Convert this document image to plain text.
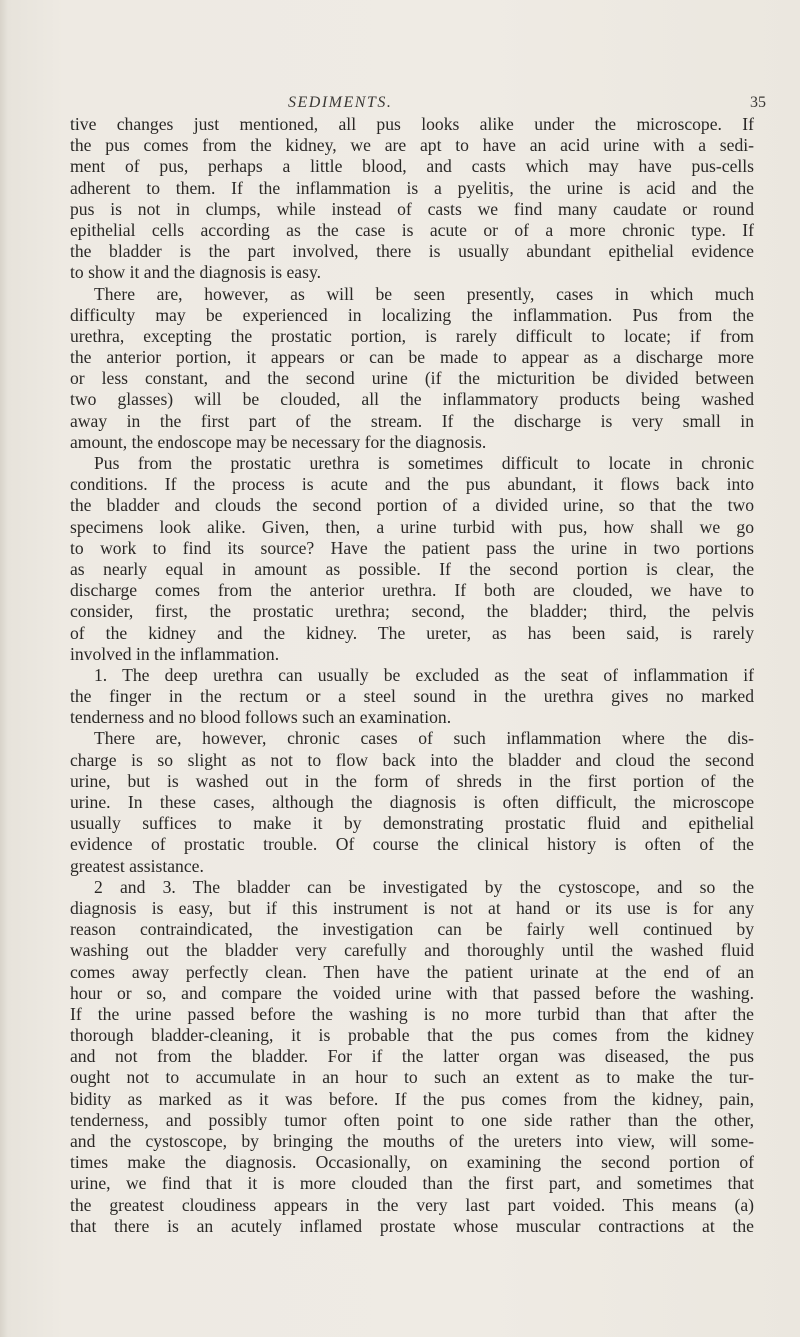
SEDIMENTS.	35
tive changes just mentioned, all pus looks alike under the microscope. If
the pus comes from the kidney, we are apt to have an acid urine with a sedi-
ment of pus, perhaps a little blood, and casts which may have pus-cells
adherent to them. If the inflammation is a pyelitis, the urine is acid and the
pus is not in clumps, while instead of casts we find many caudate or round
epithelial cells according as the case is acute or of a more chronic type. If
the bladder is the part involved, there is usually abundant epithelial evidence
to show it and the diagnosis is easy.
There are, however, as will be seen presently, cases in which much
difficulty may be experienced in localizing the inflammation. Pus from the
urethra, excepting the prostatic portion, is rarely difficult to locate; if from
the anterior portion, it appears or can be made to appear as a discharge more
or less constant, and the second urine (if the micturition be divided between
two glasses) will be clouded, all the inflammatory products being washed
away in the first part of the stream. If the discharge is very small in
amount, the endoscope may be necessary for the diagnosis.
Pus from the prostatic urethra is sometimes difficult to locate in chronic
conditions. If the process is acute and the pus abundant, it flows back into
the bladder and clouds the second portion of a divided urine, so that the two
specimens look alike. Given, then, a urine turbid with pus, how shall we go
to work to find its source? Have the patient pass the urine in two portions
as nearly equal in amount as possible. If the second portion is clear, the
discharge comes from the anterior urethra. If both are clouded, we have to
consider, first, the prostatic urethra; second, the bladder; third, the pelvis
of the kidney and the kidney. The ureter, as has been said, is rarely
involved in the inflammation.
1. The deep urethra can usually be excluded as the seat of inflammation if
the finger in the rectum or a steel sound in the urethra gives no marked
tenderness and no blood follows such an examination.
There are, however, chronic cases of such inflammation where the dis-
charge is so slight as not to flow back into the bladder and cloud the second
urine, but is washed out in the form of shreds in the first portion of the
urine. In these cases, although the diagnosis is often difficult, the microscope
usually suffices to make it by demonstrating prostatic fluid and epithelial
evidence of prostatic trouble. Of course the clinical history is often of the
greatest assistance.
2 and 3. The bladder can be investigated by the cystoscope, and so the
diagnosis is easy, but if this instrument is not at hand or its use is for any
reason contraindicated, the investigation can be fairly well continued by
washing out the bladder very carefully and thoroughly until the washed fluid
comes away perfectly clean. Then have the patient urinate at the end of an
hour or so, and compare the voided urine with that passed before the washing.
If the urine passed before the washing is no more turbid than that after the
thorough bladder-cleaning, it is probable that the pus comes from the kidney
and not from the bladder. For if the latter organ was diseased, the pus
ought not to accumulate in an hour to such an extent as to make the tur-
bidity as marked as it was before. If the pus comes from the kidney, pain,
tenderness, and possibly tumor often point to one side rather than the other,
and the cystoscope, by bringing the mouths of the ureters into view, will some-
times make the diagnosis. Occasionally, on examining the second portion of
urine, we find that it is more clouded than the first part, and sometimes that
the greatest cloudiness appears in the very last part voided. This means (a)
that there is an acutely inflamed prostate whose muscular contractions at the
